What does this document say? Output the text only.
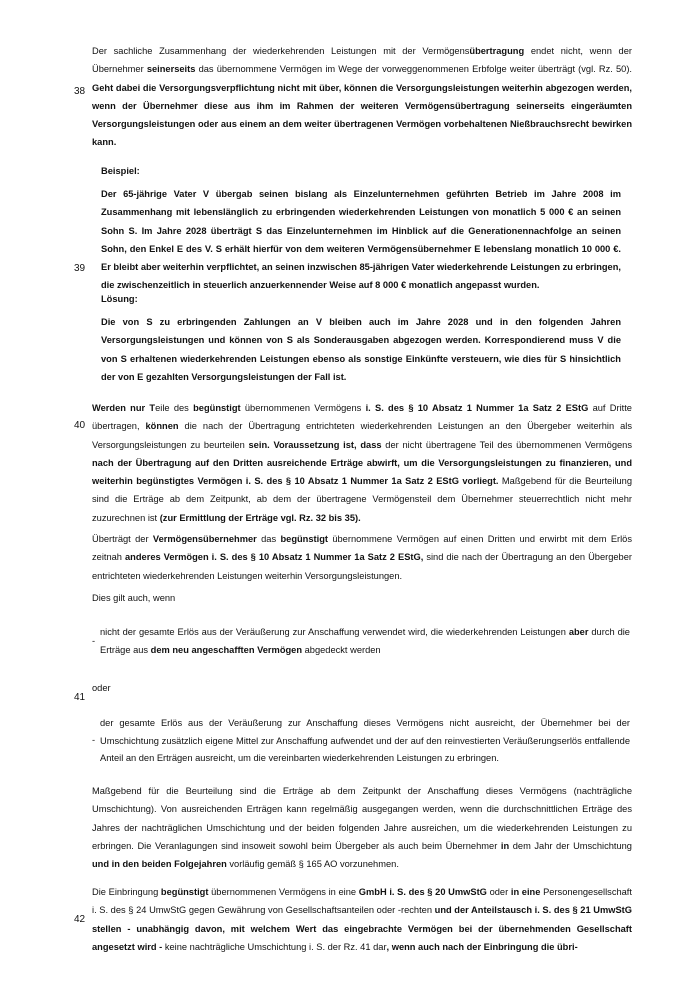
38

Der sachliche Zusammenhang der wiederkehrenden Leistungen mit der Vermögensübertragung endet nicht, wenn der Übernehmer seinerseits das übernommene Vermögen im Wege der vorweggenommenen Erbfolge weiter überträgt (vgl. Rz. 50). Geht dabei die Versorgungsverpflichtung nicht mit über, können die Versorgungsleistungen weiterhin abgezogen werden, wenn der Übernehmer diese aus ihm im Rahmen der weiteren Vermögensübertragung seinerseits eingeräumten Versorgungsleistungen oder aus einem an dem weiter übertragenen Vermögen vorbehaltenen Nießbrauchsrecht bewirken kann.

39

Beispiel:

Der 65-jährige Vater V übergab seinen bislang als Einzelunternehmen geführten Betrieb im Jahre 2008 im Zusammenhang mit lebenslänglich zu erbringenden wiederkehrenden Leistungen von monatlich 5 000 € an seinen Sohn S. Im Jahre 2028 überträgt S das Einzelunternehmen im Hinblick auf die Generationennachfolge an seinen Sohn, den Enkel E des V. S erhält hierfür von dem weiteren Vermögensübernehmer E lebenslang monatlich 10 000 €. Er bleibt aber weiterhin verpflichtet, an seinen inzwischen 85-jährigen Vater wiederkehrende Leistungen zu erbringen, die zwischenzeitlich in steuerlich anzuerkennender Weise auf 8 000 € monatlich angepasst wurden.

Lösung:

Die von S zu erbringenden Zahlungen an V bleiben auch im Jahre 2028 und in den folgenden Jahren Versorgungsleistungen und können von S als Sonderausgaben abgezogen werden. Korrespondierend muss V die von S erhaltenen wiederkehrenden Leistungen ebenso als sonstige Einkünfte versteuern, wie dies für S hinsichtlich der von E gezahlten Versorgungsleistungen der Fall ist.

40

Werden nur Teile des begünstigt übernommenen Vermögens i. S. des § 10 Absatz 1 Nummer 1a Satz 2 EStG auf Dritte übertragen, können die nach der Übertragung entrichteten wiederkehrenden Leistungen an den Übergeber weiterhin als Versorgungsleistungen zu beurteilen sein. Voraussetzung ist, dass der nicht übertragene Teil des übernommenen Vermögens nach der Übertragung auf den Dritten ausreichende Erträge abwirft, um die Versorgungsleistungen zu finanzieren, und weiterhin begünstigtes Vermögen i. S. des § 10 Absatz 1 Nummer 1a Satz 2 EStG vorliegt. Maßgebend für die Beurteilung sind die Erträge ab dem Zeitpunkt, ab dem der übertragene Vermögensteil dem Übernehmer steuerrechtlich nicht mehr zuzurechnen ist (zur Ermittlung der Erträge vgl. Rz. 32 bis 35).

41

Überträgt der Vermögensübernehmer das begünstigt übernommene Vermögen auf einen Dritten und erwirbt mit dem Erlös zeitnah anderes Vermögen i. S. des § 10 Absatz 1 Nummer 1a Satz 2 EStG, sind die nach der Übertragung an den Übergeber entrichteten wiederkehrenden Leistungen weiterhin Versorgungsleistungen.

Dies gilt auch, wenn

-
nicht der gesamte Erlös aus der Veräußerung zur Anschaffung verwendet wird, die wiederkehrenden Leistungen aber durch die Erträge aus dem neu angeschafften Vermögen abgedeckt werden

oder

-
der gesamte Erlös aus der Veräußerung zur Anschaffung dieses Vermögens nicht ausreicht, der Übernehmer bei der Umschichtung zusätzlich eigene Mittel zur Anschaffung aufwendet und der auf den reinvestierten Veräußerungserlös entfallende Anteil an den Erträgen ausreicht, um die vereinbarten wiederkehrenden Leistungen zu erbringen.

Maßgebend für die Beurteilung sind die Erträge ab dem Zeitpunkt der Anschaffung dieses Vermögens (nachträgliche Umschichtung). Von ausreichenden Erträgen kann regelmäßig ausgegangen werden, wenn die durchschnittlichen Erträge des Jahres der nachträglichen Umschichtung und der beiden folgenden Jahre ausreichen, um die wiederkehrenden Leistungen zu erbringen. Die Veranlagungen sind insoweit sowohl beim Übergeber als auch beim Übernehmer in dem Jahr der Umschichtung und in den beiden Folgejahren vorläufig gemäß § 165 AO vorzunehmen.

42

Die Einbringung begünstigt übernommenen Vermögens in eine GmbH i. S. des § 20 UmwStG oder in eine Personengesellschaft i. S. des § 24 UmwStG gegen Gewährung von Gesellschaftsanteilen oder -rechten und der Anteilstausch i. S. des § 21 UmwStG stellen - unabhängig davon, mit welchem Wert das eingebrachte Vermögen bei der übernehmenden Gesellschaft angesetzt wird - keine nachträgliche Umschichtung i. S. der Rz. 41 dar, wenn auch nach der Einbringung die übri-
